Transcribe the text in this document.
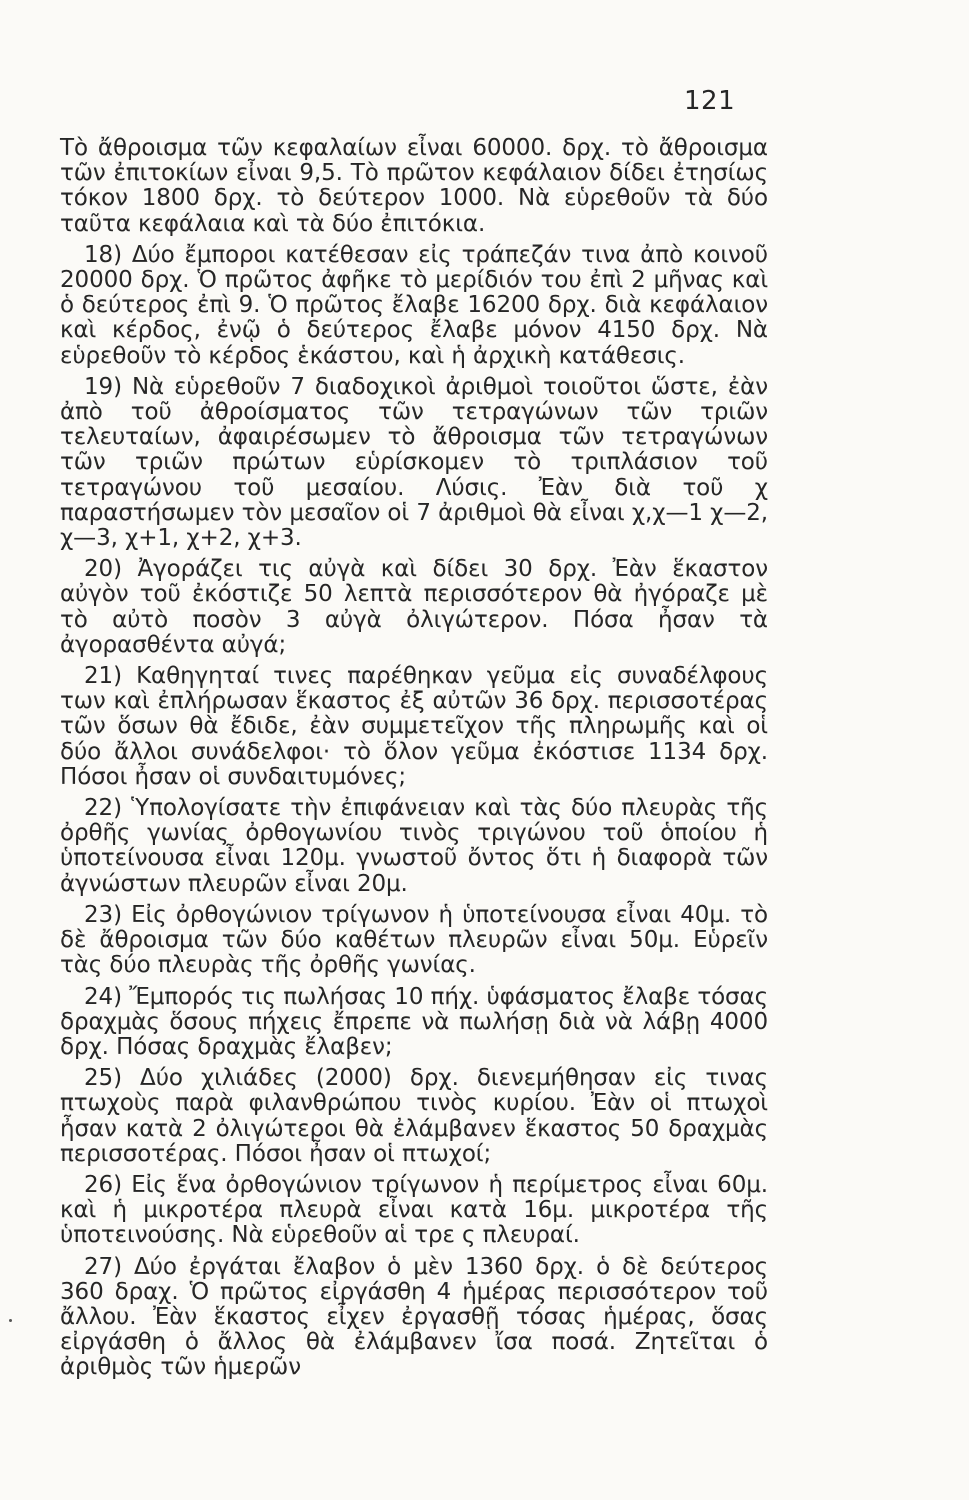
121

Τὸ ἄθροισμα τῶν κεφαλαίων εἶναι 60000. δρχ. τὸ ἄθροισμα τῶν ἐπιτοκίων εἶναι 9,5. Τὸ πρῶτον κεφάλαιον δίδει ἐτησίως τόκον 1800 δρχ. τὸ δεύτερον 1000. Νὰ εὑρεθοῦν τὰ δύο ταῦτα κεφάλαια καὶ τὰ δύο ἐπιτόκια.

18) Δύο ἔμποροι κατέθεσαν εἰς τράπεζάν τινα ἀπὸ κοινοῦ 20000 δρχ. Ὁ πρῶτος ἀφῆκε τὸ μερίδιόν του ἐπὶ 2 μῆνας καὶ ὁ δεύτερος ἐπὶ 9. Ὁ πρῶτος ἔλαβε 16200 δρχ. διὰ κεφάλαιον καὶ κέρδος, ἐνῷ ὁ δεύτερος ἔλαβε μόνον 4150 δρχ. Νὰ εὑρεθοῦν τὸ κέρδος ἑκάστου, καὶ ἡ ἀρχικὴ κατάθεσις.

19) Νὰ εὑρεθοῦν 7 διαδοχικοὶ ἀριθμοὶ τοιοῦτοι ὥστε, ἐὰν ἀπὸ τοῦ ἀθροίσματος τῶν τετραγώνων τῶν τριῶν τελευταίων, ἀφαιρέσωμεν τὸ ἄθροισμα τῶν τετραγώνων τῶν τριῶν πρώτων εὑρίσκομεν τὸ τριπλάσιον τοῦ τετραγώνου τοῦ μεσαίου. Λύσις. Ἐὰν διὰ τοῦ χ παραστήσωμεν τὸν μεσαῖον οἱ 7 ἀριθμοὶ θὰ εἶναι χ,χ—1 χ—2, χ—3, χ+1, χ+2, χ+3.

20) Ἀγοράζει τις αὐγὰ καὶ δίδει 30 δρχ. Ἐὰν ἕκαστον αὐγὸν τοῦ ἐκόστιζε 50 λεπτὰ περισσότερον θὰ ἠγόραζε μὲ τὸ αὐτὸ ποσὸν 3 αὐγὰ ὀλιγώτερον. Πόσα ἦσαν τὰ ἀγορασθέντα αὐγά;

21) Καθηγηταί τινες παρέθηκαν γεῦμα εἰς συναδέλφους των καὶ ἐπλήρωσαν ἕκαστος ἐξ αὐτῶν 36 δρχ. περισσοτέρας τῶν ὅσων θὰ ἔδιδε, ἐὰν συμμετεῖχον τῆς πληρωμῆς καὶ οἱ δύο ἄλλοι συνάδελφοι· τὸ ὅλον γεῦμα ἐκόστισε 1134 δρχ. Πόσοι ἦσαν οἱ συνδαιτυμόνες;

22) Ὑπολογίσατε τὴν ἐπιφάνειαν καὶ τὰς δύο πλευρὰς τῆς ὀρθῆς γωνίας ὀρθογωνίου τινὸς τριγώνου τοῦ ὁποίου ἡ ὑποτείνουσα εἶναι 120μ. γνωστοῦ ὄντος ὅτι ἡ διαφορὰ τῶν ἀγνώστων πλευρῶν εἶναι 20μ.

23) Εἰς ὀρθογώνιον τρίγωνον ἡ ὑποτείνουσα εἶναι 40μ. τὸ δὲ ἄθροισμα τῶν δύο καθέτων πλευρῶν εἶναι 50μ. Εὑρεῖν τὰς δύο πλευρὰς τῆς ὀρθῆς γωνίας.

24) Ἔμπορός τις πωλήσας 10 πήχ. ὑφάσματος ἔλαβε τόσας δραχμὰς ὅσους πήχεις ἔπρεπε νὰ πωλήσῃ διὰ νὰ λάβῃ 4000 δρχ. Πόσας δραχμὰς ἔλαβεν;

25) Δύο χιλιάδες (2000) δρχ. διενεμήθησαν εἰς τινας πτωχοὺς παρὰ φιλανθρώπου τινὸς κυρίου. Ἐὰν οἱ πτωχοὶ ἦσαν κατὰ 2 ὀλιγώτεροι θὰ ἐλάμβανεν ἕκαστος 50 δραχμὰς περισσοτέρας. Πόσοι ἦσαν οἱ πτωχοί;

26) Εἰς ἕνα ὀρθογώνιον τρίγωνον ἡ περίμετρος εἶναι 60μ. καὶ ἡ μικροτέρα πλευρὰ εἶναι κατὰ 16μ. μικροτέρα τῆς ὑποτεινούσης. Νὰ εὑρεθοῦν αἱ τρε ς πλευραί.

27) Δύο ἐργάται ἔλαβον ὁ μὲν 1360 δρχ. ὁ δὲ δεύτερος 360 δραχ. Ὁ πρῶτος εἰργάσθη 4 ἡμέρας περισσότερον τοῦ ἄλλου. Ἐὰν ἕκαστος εἶχεν ἐργασθῇ τόσας ἡμέρας, ὅσας εἰργάσθη ὁ ἄλλος θὰ ἐλάμβανεν ἴσα ποσά. Ζητεῖται ὁ ἀριθμὸς τῶν ἡμερῶν
